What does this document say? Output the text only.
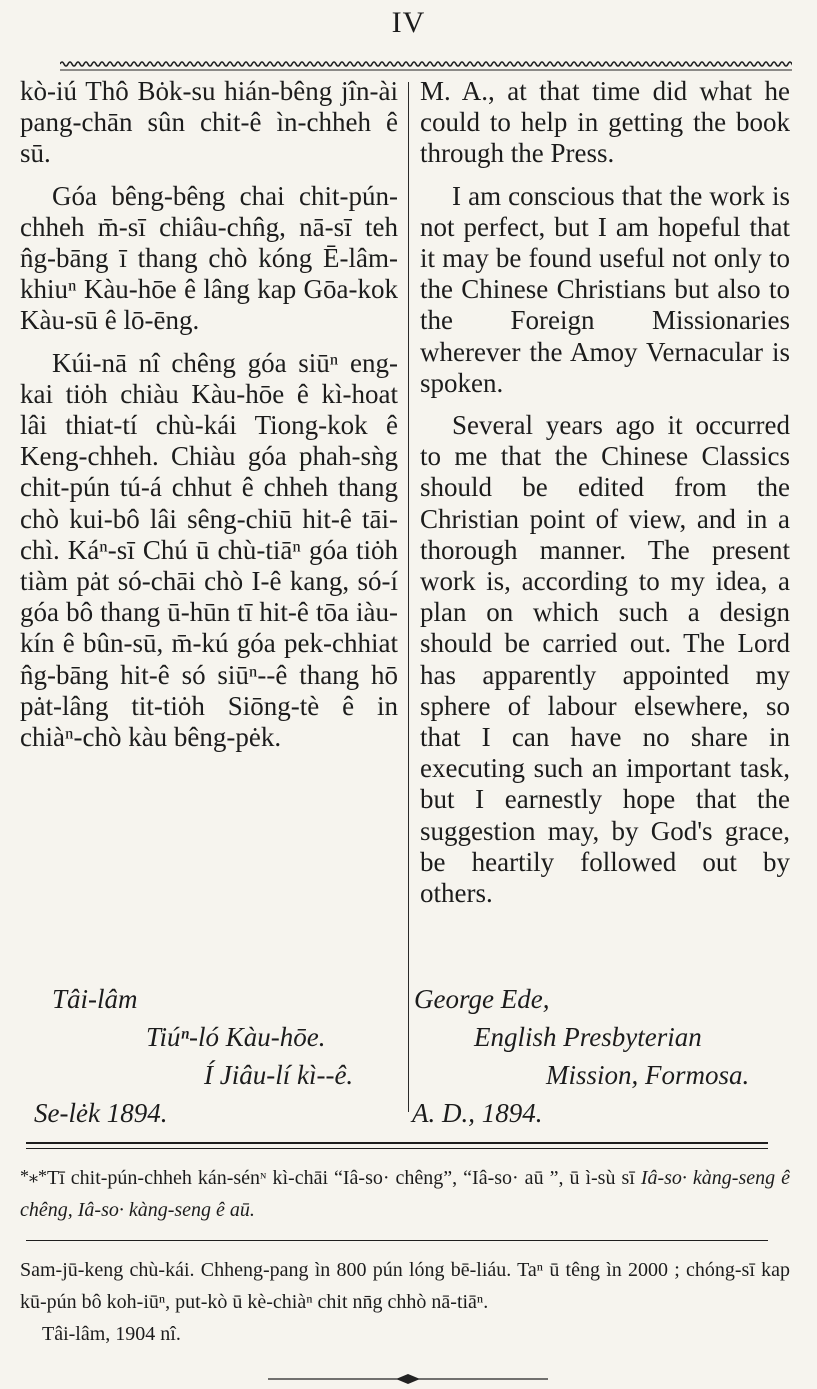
IV

kò-iú Thô Bȯk-su hián-bêng jîn-ài pang-chān sûn chit-ê ìn-chheh ê sū.

Góa bêng-bêng chai chit-pún-chheh m̄-sī chiâu-chn̂g, nā-sī teh n̂g-bāng ī thang chò kóng Ē-lâm-khiuⁿ Kàu-hōe ê lâng kap Gōa-kok Kàu-sū ê lō-ēng.

Kúi-nā nî chêng góa siūⁿ eng-kai tiȯh chiàu Kàu-hōe ê kì-hoat lâi thiat-tí chù-kái Tiong-kok ê Keng-chheh. Chiàu góa phah-sǹg chit-pún tú-á chhut ê chheh thang chò kui-bô lâi sêng-chiū hit-ê tāi-chì. Káⁿ-sī Chú ū chù-tiāⁿ góa tiȯh tiàm pȧt só-chāi chò I-ê kang, só-í góa bô thang ū-hūn tī hit-ê tōa iàu-kín ê bûn-sū, m̄-kú góa pek-chhiat n̂g-bāng hit-ê só siūⁿ--ê thang hō pȧt-lâng tit-tiȯh Siōng-tè ê in chiàⁿ-chò kàu bêng-pėk.

M. A., at that time did what he could to help in getting the book through the Press.

I am conscious that the work is not perfect, but I am hopeful that it may be found useful not only to the Chinese Christians but also to the Foreign Missionaries wherever the Amoy Vernacular is spoken.

Several years ago it occurred to me that the Chinese Classics should be edited from the Christian point of view, and in a thorough manner. The present work is, according to my idea, a plan on which such a design should be carried out. The Lord has apparently appointed my sphere of labour elsewhere, so that I can have no share in executing such an important task, but I earnestly hope that the suggestion may, by God's grace, be heartily followed out by others.

Tâi-lâm
Tiúⁿ-ló Kàu-hōe.
Í Jiâu-lí kì--ê.
Se-lėk 1894.
George Ede,
English Presbyterian
Mission, Formosa.
A. D., 1894.

*⁎*Tī chit-pún-chheh kán-sénᶰ kì-chāi “Iâ-so· chêng”, “Iâ-so· aū ”, ū ì-sù sī Iâ-so· kàng-seng ê chêng, Iâ-so· kàng-seng ê aū.

Sam-jū-keng chù-kái. Chheng-pang ìn 800 pún lóng bē-liáu. Taⁿ ū têng ìn 2000 ; chóng-sī kap kū-pún bô koh-iūⁿ, put-kò ū kè-chiàⁿ chit nn̄g chhò nā-tiāⁿ.

Tâi-lâm, 1904 nî.
